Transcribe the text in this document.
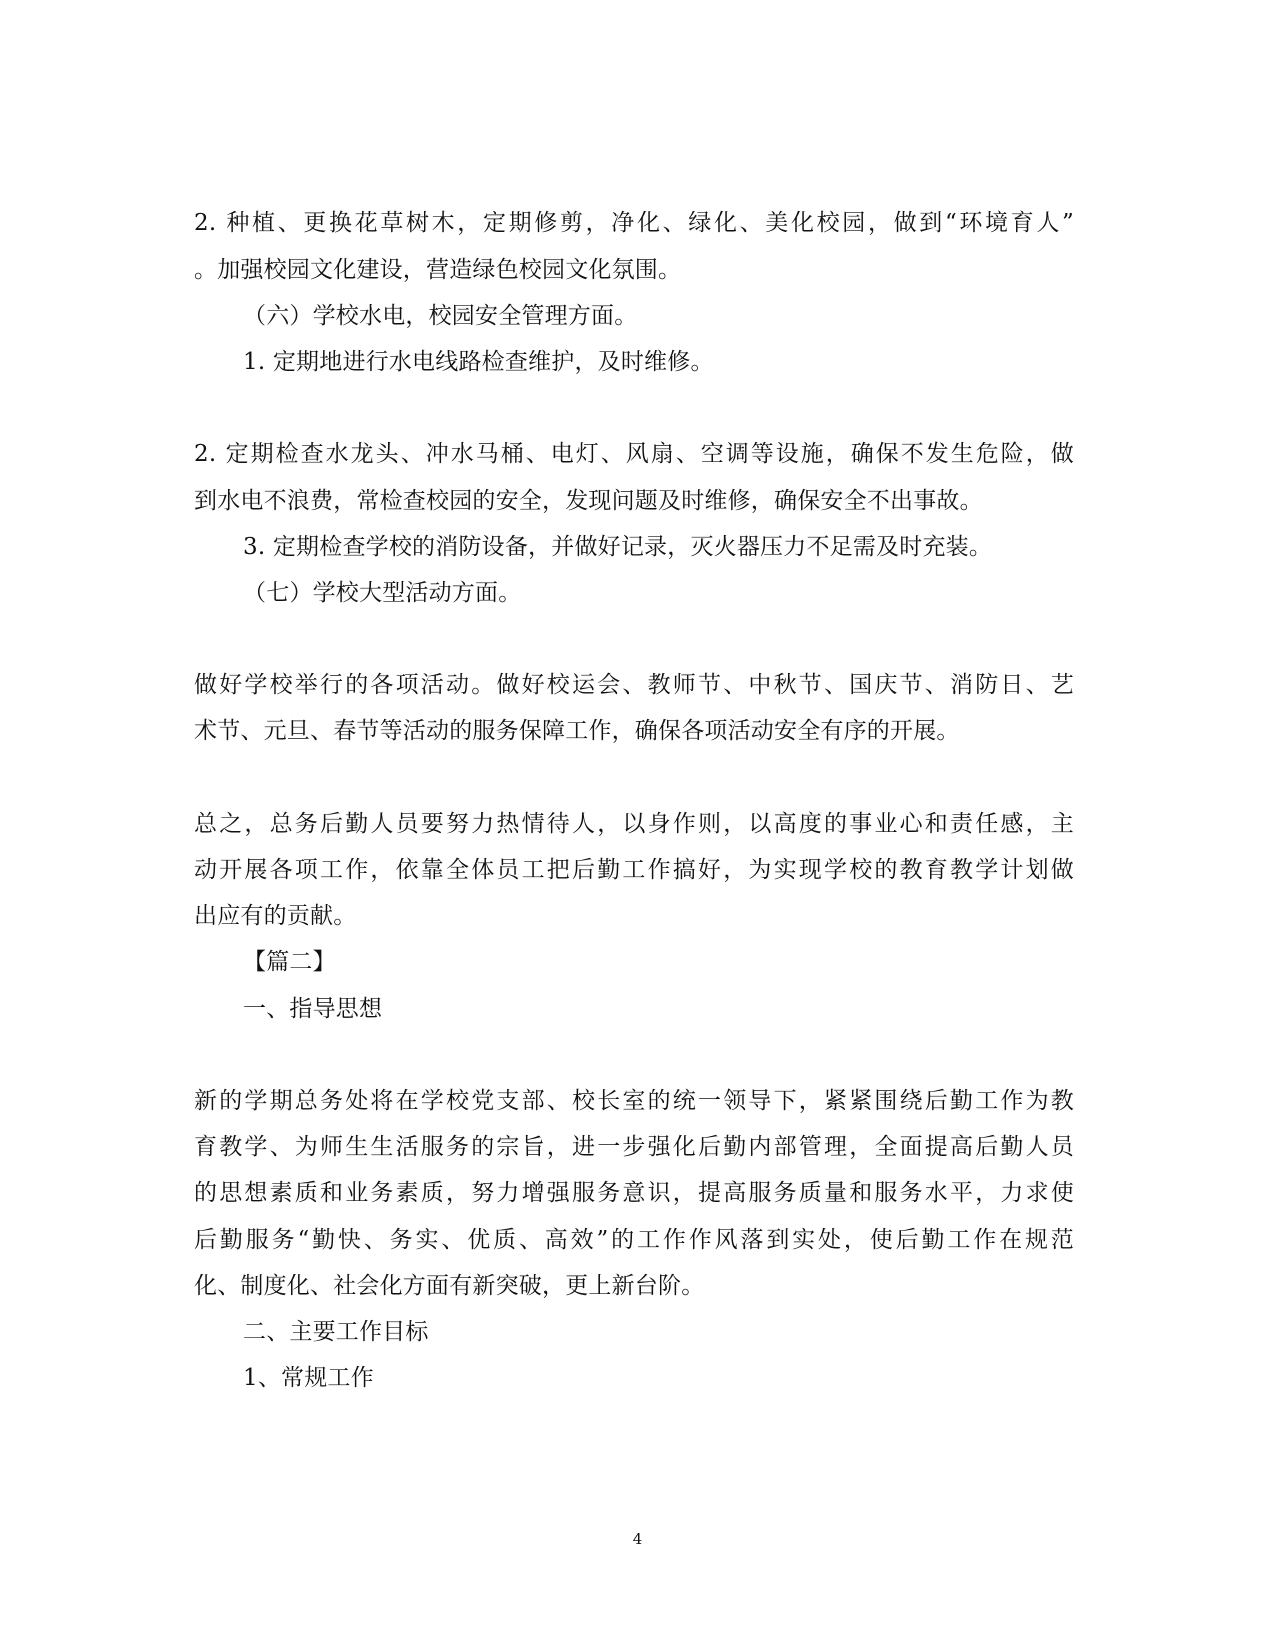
2. 种植、更换花草树木，定期修剪，净化、绿化、美化校园，做到“环境育人”
。加强校园文化建设，营造绿色校园文化氛围。
（六）学校水电，校园安全管理方面。
1. 定期地进行水电线路检查维护，及时维修。
2. 定期检查水龙头、冲水马桶、电灯、风扇、空调等设施，确保不发生危险，做
到水电不浪费，常检查校园的安全，发现问题及时维修，确保安全不出事故。
3. 定期检查学校的消防设备，并做好记录，灭火器压力不足需及时充装。
（七）学校大型活动方面。
做好学校举行的各项活动。做好校运会、教师节、中秋节、国庆节、消防日、艺
术节、元旦、春节等活动的服务保障工作，确保各项活动安全有序的开展。
总之，总务后勤人员要努力热情待人，以身作则，以高度的事业心和责任感，主
动开展各项工作，依靠全体员工把后勤工作搞好，为实现学校的教育教学计划做
出应有的贡献。
【篇二】
一、指导思想
新的学期总务处将在学校党支部、校长室的统一领导下，紧紧围绕后勤工作为教
育教学、为师生生活服务的宗旨，进一步强化后勤内部管理，全面提高后勤人员
的思想素质和业务素质，努力增强服务意识，提高服务质量和服务水平，力求使
后勤服务“勤快、务实、优质、高效”的工作作风落到实处，使后勤工作在规范
化、制度化、社会化方面有新突破，更上新台阶。
二、主要工作目标
1、常规工作
4
